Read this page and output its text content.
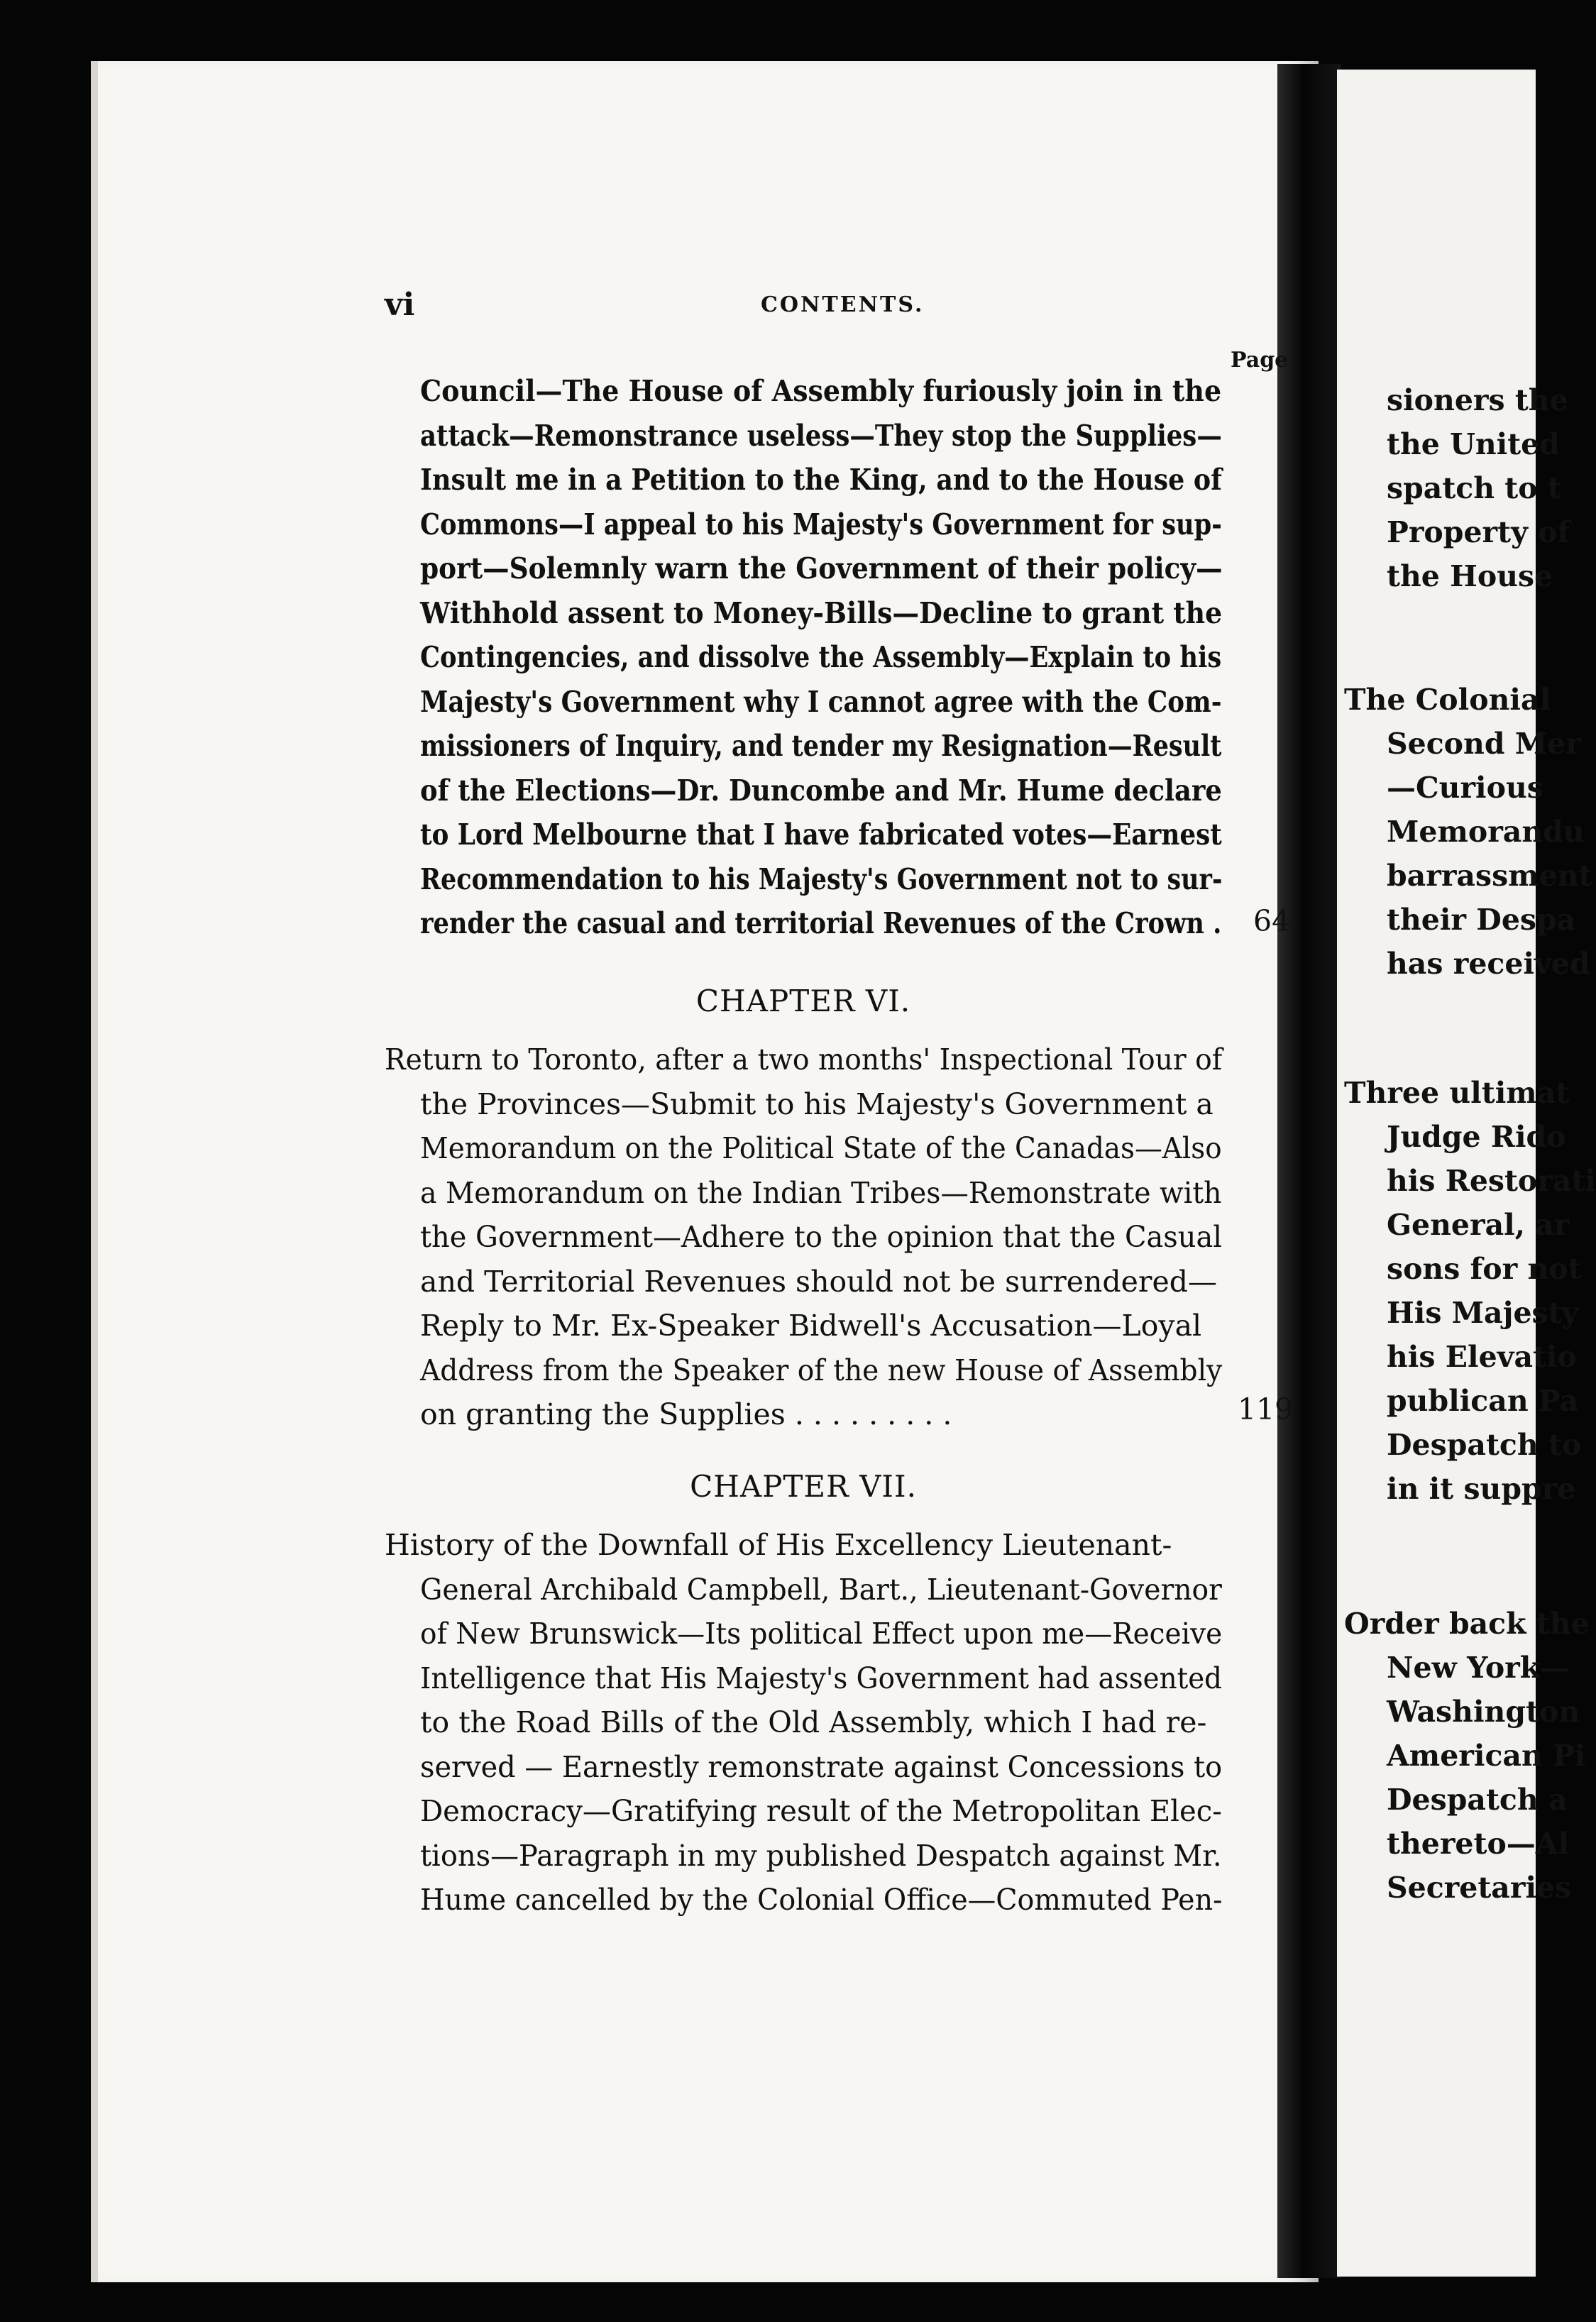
sioners the
the United
spatch to t
Property of
the House
The Colonial
Second Mer
—Curious
Memorandu
barrassment
their Despa
has received
Three ultimat
Judge Rido
his Restorati
General, ar
sons for not
His Majesty
his Elevatio
publican Pa
Despatch to
in it suppre
Order back the
New York—
Washington
American Pi
Despatch a
thereto—Al
Secretaries
vi	CONTENTS.
Page
Council—The House of Assembly furiously join in the attack—Remonstrance useless—They stop the Supplies— Insult me in a Petition to the King, and to the House of Commons—I appeal to his Majesty's Government for sup- port—Solemnly warn the Government of their policy— Withhold assent to Money-Bills—Decline to grant the Contingencies, and dissolve the Assembly—Explain to his Majesty's Government why I cannot agree with the Com- missioners of Inquiry, and tender my Resignation—Result of the Elections—Dr. Duncombe and Mr. Hume declare to Lord Melbourne that I have fabricated votes—Earnest Recommendation to his Majesty's Government not to sur- render the casual and territorial Revenues of the Crown . 64
CHAPTER VI.
Return to Toronto, after a two months' Inspectional Tour of
the Provinces—Submit to his Majesty's Government a
Memorandum on the Political State of the Canadas—Also a Memorandum on the Indian Tribes—Remonstrate with the Government—Adhere to the opinion that the Casual
and Territorial Revenues should not be surrendered—
Reply to Mr. Ex-Speaker Bidwell's Accusation—Loyal
Address from the Speaker of the new House of Assembly
on granting the Supplies . . . . . . . . .	119
CHAPTER VII.
History of the Downfall of His Excellency Lieutenant-
General Archibald Campbell, Bart., Lieutenant-Governor of New Brunswick—Its political Effect upon me—Receive Intelligence that His Majesty's Government had assented
to the Road Bills of the Old Assembly, which I had re-
served — Earnestly remonstrate against Concessions to Democracy—Gratifying result of the Metropolitan Elec- tions—Paragraph in my published Despatch against Mr. Hume cancelled by the Colonial Office—Commuted Pen-
